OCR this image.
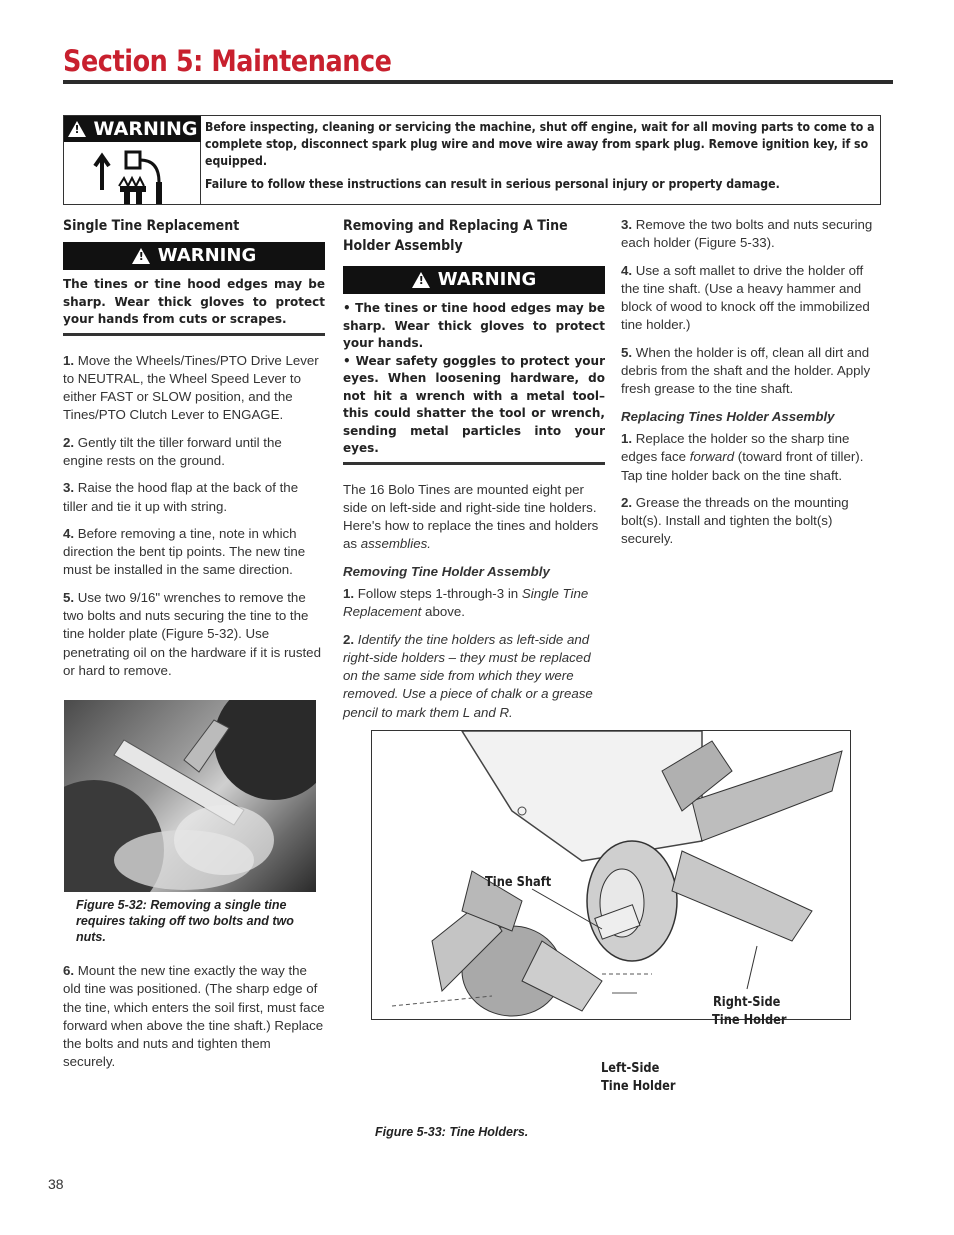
Section 5: Maintenance
!
WARNING Before inspecting, cleaning or servicing the machine, shut off engine, wait for all moving parts to come to a complete stop, disconnect spark plug wire and move wire away from spark plug. Remove ignition key, if so equipped.

Failure to follow these instructions can result in serious personal injury or property damage.

Single Tine Replacement
!
WARNING

The tines or tine hood edges may be sharp. Wear thick gloves to protect your hands from cuts or scrapes.

1. Move the Wheels/Tines/PTO Drive Lever to NEUTRAL, the Wheel Speed Lever to either FAST or SLOW position, and the Tines/PTO Clutch Lever to ENGAGE.

2. Gently tilt the tiller forward until the engine rests on the ground.

3. Raise the hood flap at the back of the tiller and tie it up with string.

4. Before removing a tine, note in which direction the bent tip points. The new tine must be installed in the same direction.

5. Use two 9/16" wrenches to remove the two bolts and nuts securing the tine to the tine holder plate (Figure 5-32). Use penetrating oil on the hardware if it is rusted or hard to remove.

Figure 5-32: Removing a single tine requires taking off two bolts and two nuts.

6. Mount the new tine exactly the way the old tine was positioned. (The sharp edge of the tine, which enters the soil first, must face forward when above the tine shaft.) Replace the bolts and nuts and tighten them securely.

Removing and Replacing A Tine Holder Assembly
!
WARNING

• The tines or tine hood edges may be sharp. Wear thick gloves to protect your hands.

• Wear safety goggles to protect your eyes. When loosening hardware, do not hit a wrench with a metal tool– this could shatter the tool or wrench, sending metal particles into your eyes.

The 16 Bolo Tines are mounted eight per side on left-side and right-side tine holders. Here's how to replace the tines and holders as assemblies.

Removing Tine Holder Assembly

1. Follow steps 1-through-3 in Single Tine Replacement above.

2. Identify the tine holders as left-side and right-side holders – they must be replaced on the same side from which they were removed. Use a piece of chalk or a grease pencil to mark them L and R.

3. Remove the two bolts and nuts securing each holder (Figure 5-33).

4. Use a soft mallet to drive the holder off the tine shaft. (Use a heavy hammer and block of wood to knock off the immobilized tine holder.)

5. When the holder is off, clean all dirt and debris from the shaft and the holder. Apply fresh grease to the tine shaft.

Replacing Tines Holder Assembly

1. Replace the holder so the sharp tine edges face forward (toward front of tiller). Tap tine holder back on the tine shaft.

2. Grease the threads on the mounting bolt(s). Install and tighten the bolt(s) securely.

Tine Shaft
Right-Side
Tine Holder
Left-Side
Tine Holder
Figure 5-33: Tine Holders.
38
